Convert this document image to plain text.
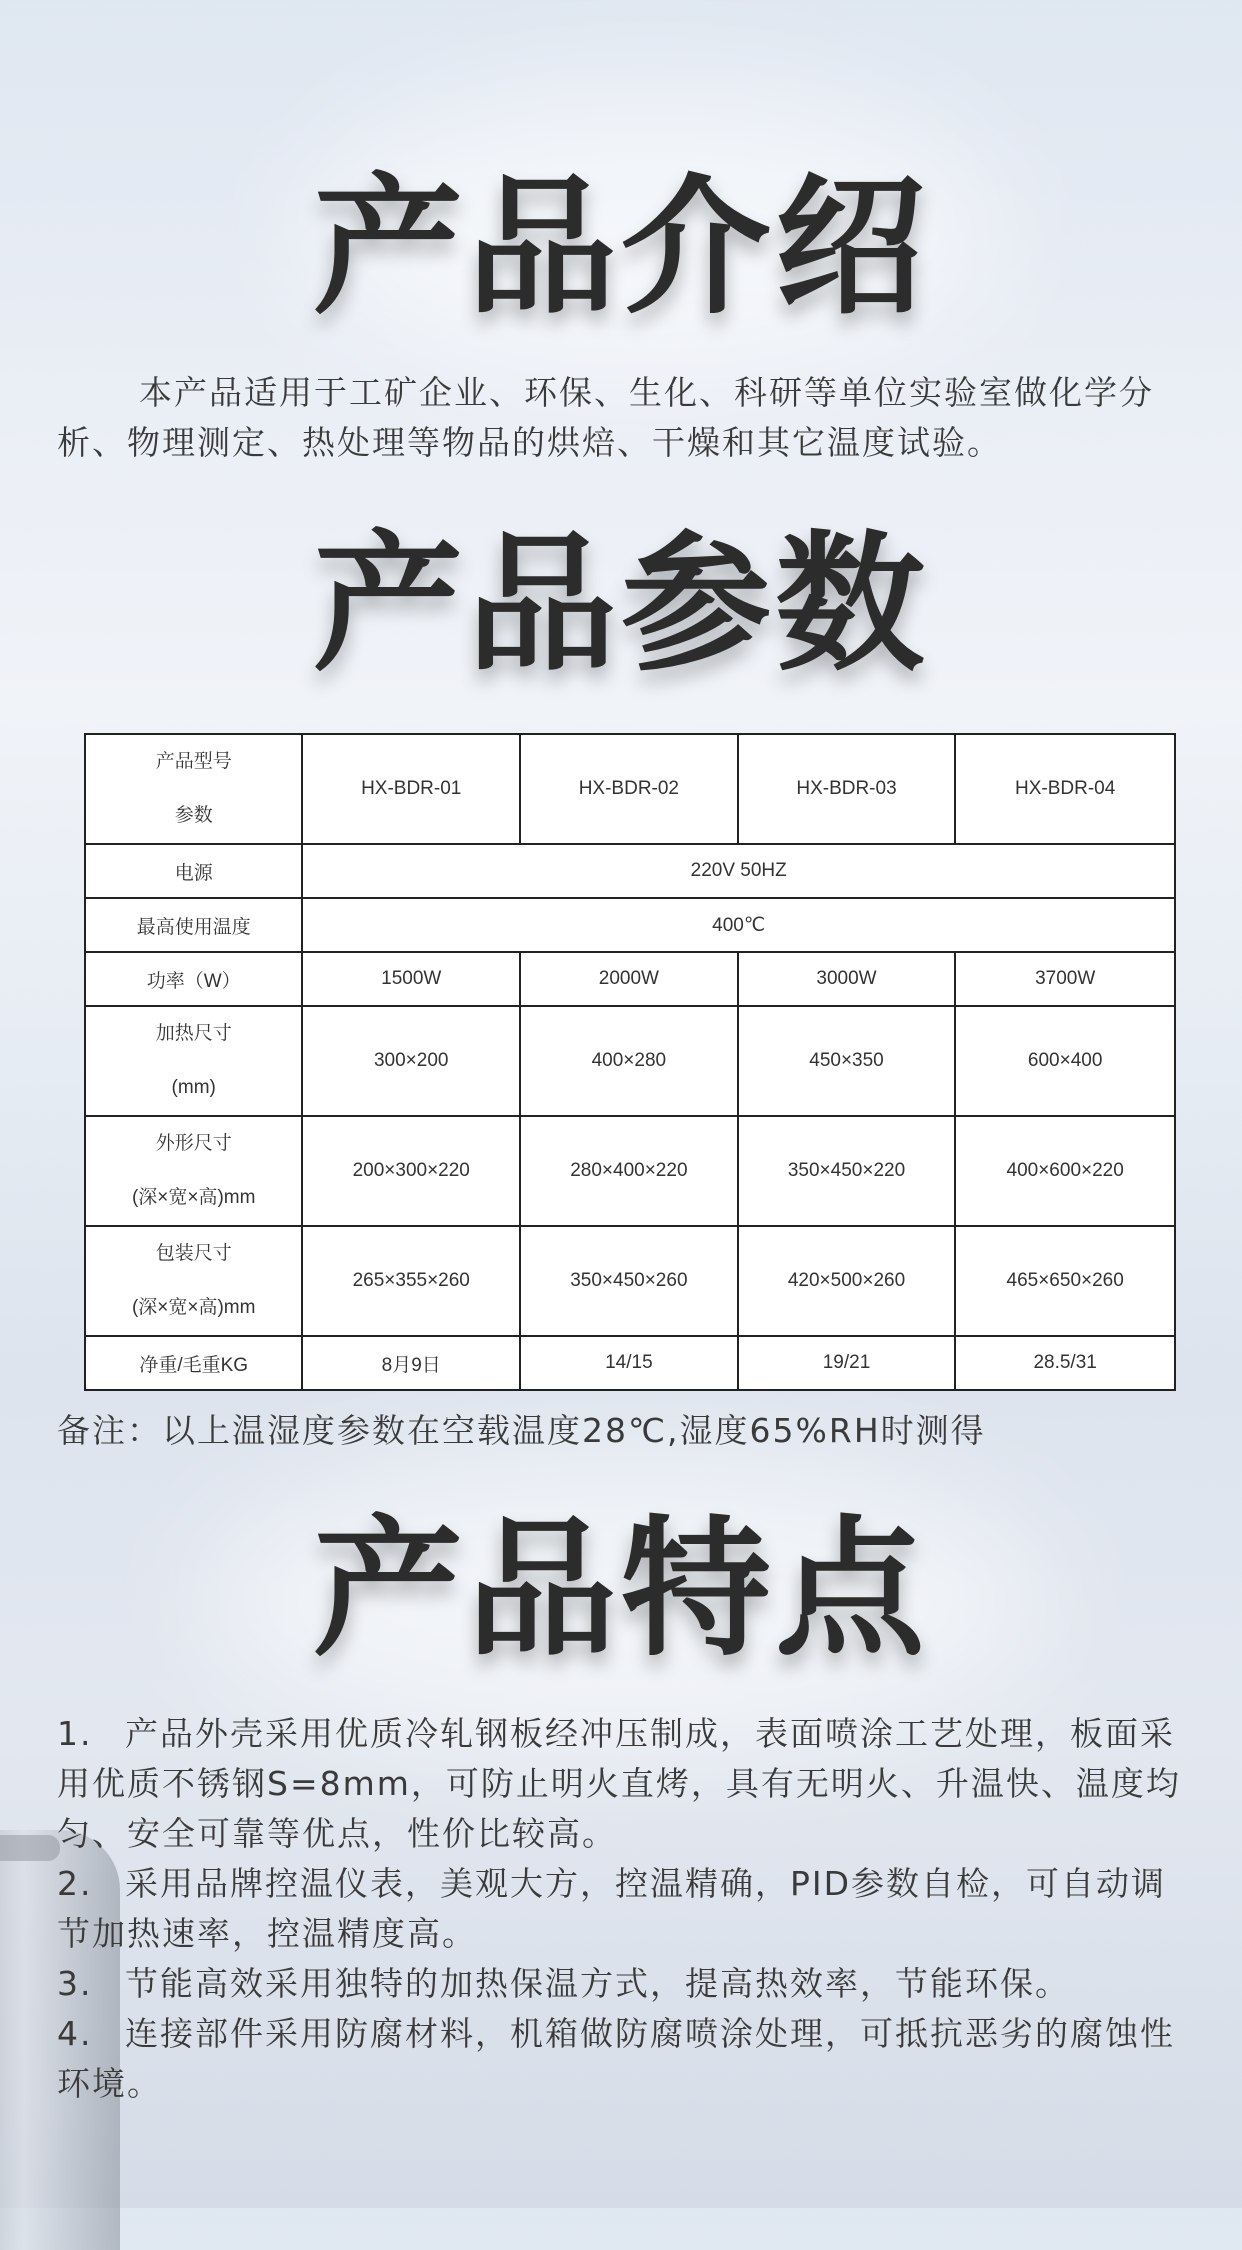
产品介绍
本产品适用于工矿企业、环保、生化、科研等单位实验室做化学分析、物理测定、热处理等物品的烘焙、干燥和其它温度试验。
产品参数
产品型号
参数	HX-BDR-01	HX-BDR-02	HX-BDR-03	HX-BDR-04
电源	220V 50HZ			
最高使用温度	400℃			
功率（W）	1500W	2000W	3000W	3700W

加热尺寸
(mm)	300×200	400×280	450×350	600×400

外形尺寸
(深×宽×高)mm	200×300×220	280×400×220	350×450×220	400×600×220

包装尺寸
(深×宽×高)mm	265×355×260	350×450×260	420×500×260	465×650×260
净重/毛重KG	8月9日	14/15	19/21	28.5/31
备注：以上温湿度参数在空载温度28℃,湿度65%RH时测得
产品特点
1. 产品外壳采用优质冷轧钢板经冲压制成，表面喷涂工艺处理，板面采用优质不锈钢S=8mm，可防止明火直烤，具有无明火、升温快、温度均匀、安全可靠等优点，性价比较高。
2. 采用品牌控温仪表，美观大方，控温精确，PID参数自检，可自动调节加热速率，控温精度高。
3. 节能高效采用独特的加热保温方式，提高热效率，节能环保。
4. 连接部件采用防腐材料，机箱做防腐喷涂处理，可抵抗恶劣的腐蚀性环境。
